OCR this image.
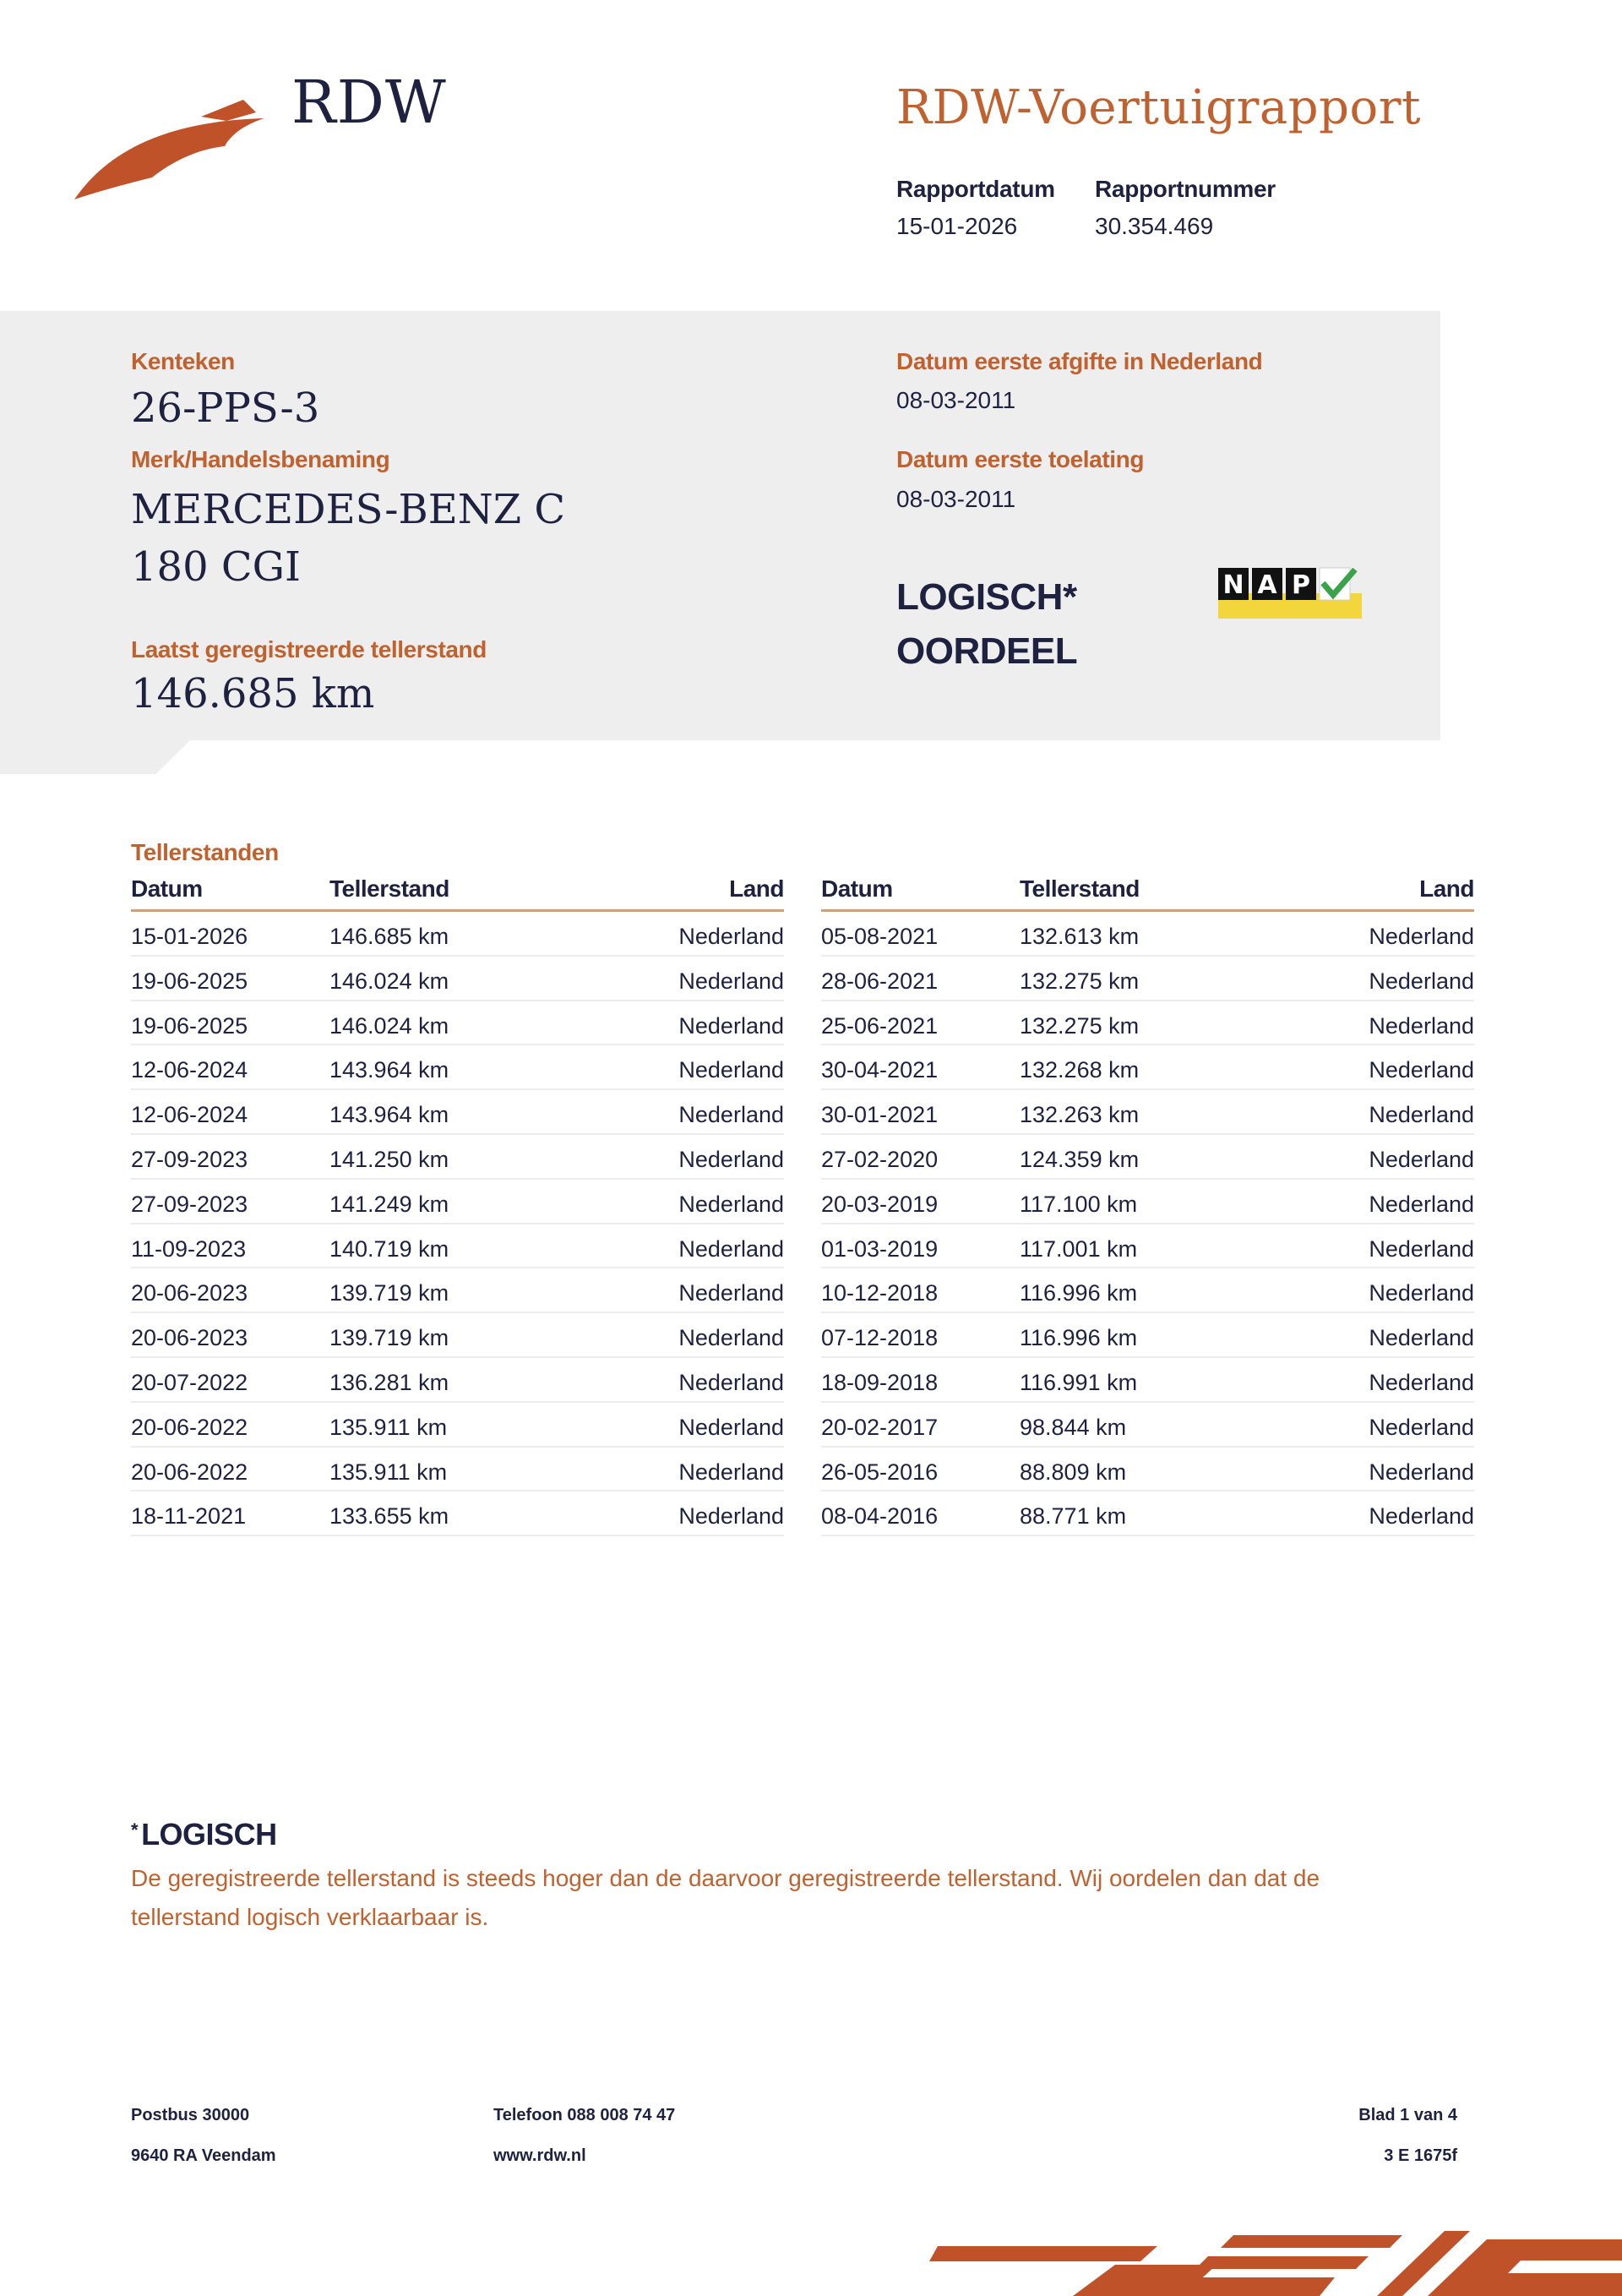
RDW	RDW-Voertuigrapport
Rapportdatum
15-01-2026
Rapportnummer
30.354.469
Kenteken
26-PPS-3
Merk/Handelsbenaming
MERCEDES-BENZ C
180 CGI
Laatst geregistreerde tellerstand
146.685 km
Datum eerste afgifte in Nederland
08-03-2011
Datum eerste toelating
08-03-2011
LOGISCH*
OORDEEL
N A P
Tellerstanden
Datum	Tellerstand	Land
15-01-2026	146.685 km	Nederland
19-06-2025	146.024 km	Nederland
19-06-2025	146.024 km	Nederland
12-06-2024	143.964 km	Nederland
12-06-2024	143.964 km	Nederland
27-09-2023	141.250 km	Nederland
27-09-2023	141.249 km	Nederland
11-09-2023	140.719 km	Nederland
20-06-2023	139.719 km	Nederland
20-06-2023	139.719 km	Nederland
20-07-2022	136.281 km	Nederland
20-06-2022	135.911 km	Nederland
20-06-2022	135.911 km	Nederland
18-11-2021	133.655 km	Nederland
Datum	Tellerstand	Land
05-08-2021	132.613 km	Nederland
28-06-2021	132.275 km	Nederland
25-06-2021	132.275 km	Nederland
30-04-2021	132.268 km	Nederland
30-01-2021	132.263 km	Nederland
27-02-2020	124.359 km	Nederland
20-03-2019	117.100 km	Nederland
01-03-2019	117.001 km	Nederland
10-12-2018	116.996 km	Nederland
07-12-2018	116.996 km	Nederland
18-09-2018	116.991 km	Nederland
20-02-2017	98.844 km	Nederland
26-05-2016	88.809 km	Nederland
08-04-2016	88.771 km	Nederland
* LOGISCH
De geregistreerde tellerstand is steeds hoger dan de daarvoor geregistreerde tellerstand. Wij oordelen dan dat de tellerstand logisch verklaarbaar is.
Postbus 30000
9640 RA Veendam
Telefoon 088 008 74 47
www.rdw.nl
Blad 1 van 4
3 E 1675f
